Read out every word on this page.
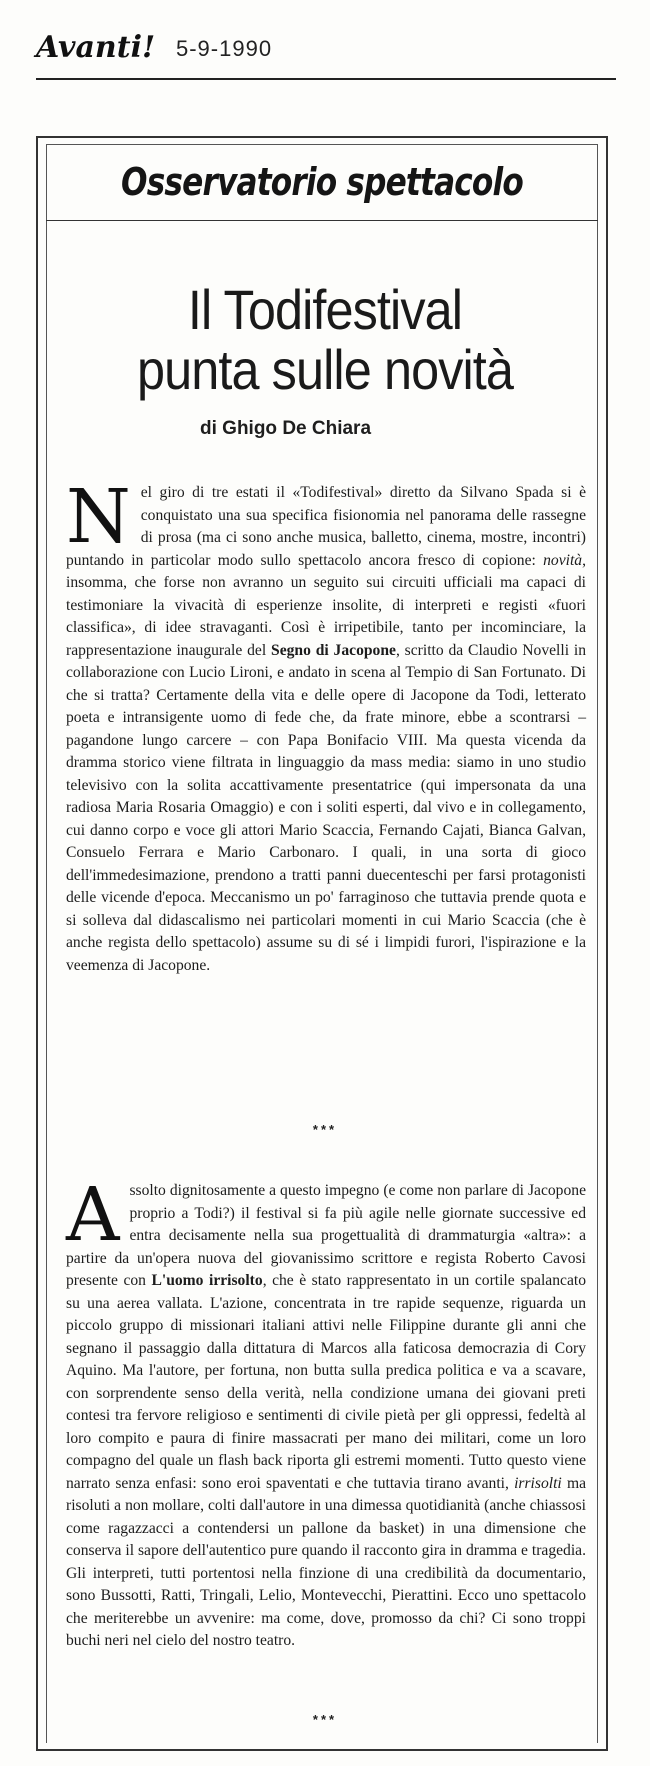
Avanti! 5-9-1990
Osservatorio spettacolo
Il Todifestival
punta sulle novità
di Ghigo De Chiara
Nel giro di tre estati il «Todifestival» diretto da Silvano Spada si è conquistato una sua specifica fisionomia nel panorama delle rassegne di prosa (ma ci sono anche musica, balletto, cinema, mostre, incontri) puntando in particolar modo sullo spettacolo ancora fresco di copione: novità, insomma, che forse non avranno un seguito sui circuiti ufficiali ma capaci di testimoniare la vivacità di esperienze insolite, di interpreti e registi «fuori classifica», di idee stravaganti. Così è irripetibile, tanto per incominciare, la rappresentazione inaugurale del Segno di Jacopone, scritto da Claudio Novelli in collaborazione con Lucio Lironi, e andato in scena al Tempio di San Fortunato. Di che si tratta? Certamente della vita e delle opere di Jacopone da Todi, letterato poeta e intransigente uomo di fede che, da frate minore, ebbe a scontrarsi – pagandone lungo carcere – con Papa Bonifacio VIII. Ma questa vicenda da dramma storico viene filtrata in linguaggio da mass media: siamo in uno studio televisivo con la solita accattivamente presentatrice (qui impersonata da una radiosa Maria Rosaria Omaggio) e con i soliti esperti, dal vivo e in collegamento, cui danno corpo e voce gli attori Mario Scaccia, Fernando Cajati, Bianca Galvan, Consuelo Ferrara e Mario Carbonaro. I quali, in una sorta di gioco dell'immedesimazione, prendono a tratti panni duecenteschi per farsi protagonisti delle vicende d'epoca. Meccanismo un po' farraginoso che tuttavia prende quota e si solleva dal didascalismo nei particolari momenti in cui Mario Scaccia (che è anche regista dello spettacolo) assume su di sé i limpidi furori, l'ispirazione e la veemenza di Jacopone.
***
Assolto dignitosamente a questo impegno (e come non parlare di Jacopone proprio a Todi?) il festival si fa più agile nelle giornate successive ed entra decisamente nella sua progettualità di drammaturgia «altra»: a partire da un'opera nuova del giovanissimo scrittore e regista Roberto Cavosi presente con L'uomo irrisolto, che è stato rappresentato in un cortile spalancato su una aerea vallata. L'azione, concentrata in tre rapide sequenze, riguarda un piccolo gruppo di missionari italiani attivi nelle Filippine durante gli anni che segnano il passaggio dalla dittatura di Marcos alla faticosa democrazia di Cory Aquino. Ma l'autore, per fortuna, non butta sulla predica politica e va a scavare, con sorprendente senso della verità, nella condizione umana dei giovani preti contesi tra fervore religioso e sentimenti di civile pietà per gli oppressi, fedeltà al loro compito e paura di finire massacrati per mano dei militari, come un loro compagno del quale un flash back riporta gli estremi momenti. Tutto questo viene narrato senza enfasi: sono eroi spaventati e che tuttavia tirano avanti, irrisolti ma risoluti a non mollare, colti dall'autore in una dimessa quotidianità (anche chiassosi come ragazzacci a contendersi un pallone da basket) in una dimensione che conserva il sapore dell'autentico pure quando il racconto gira in dramma e tragedia. Gli interpreti, tutti portentosi nella finzione di una credibilità da documentario, sono Bussotti, Ratti, Tringali, Lelio, Montevecchi, Pierattini. Ecco uno spettacolo che meriterebbe un avvenire: ma come, dove, promosso da chi? Ci sono troppi buchi neri nel cielo del nostro teatro.
***
